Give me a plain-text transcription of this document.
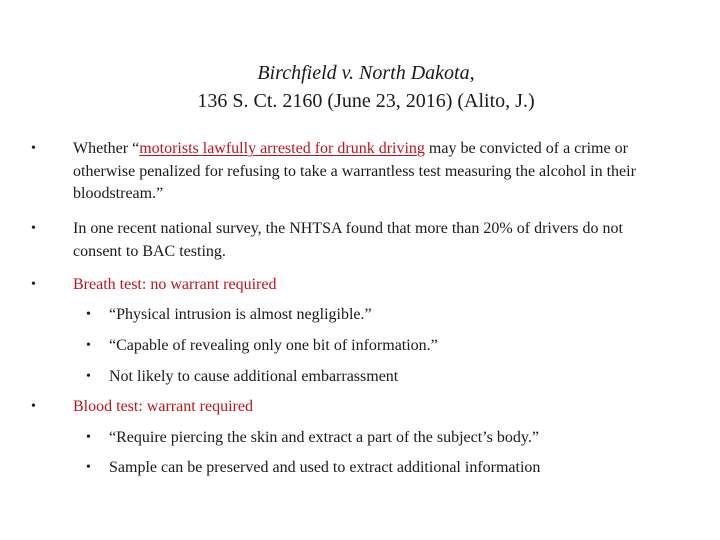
Birchfield v. North Dakota,
136 S. Ct. 2160 (June 23, 2016) (Alito, J.)
• Whether “motorists lawfully arrested for drunk driving may be convicted of a crime or otherwise penalized for refusing to take a warrantless test measuring the alcohol in their bloodstream.”
• In one recent national survey, the NHTSA found that more than 20% of drivers do not consent to BAC testing.
• Breath test: no warrant required
• “Physical intrusion is almost negligible.”
• “Capable of revealing only one bit of information.”
• Not likely to cause additional embarrassment
• Blood test: warrant required
• “Require piercing the skin and extract a part of the subject’s body.”
• Sample can be preserved and used to extract additional information
